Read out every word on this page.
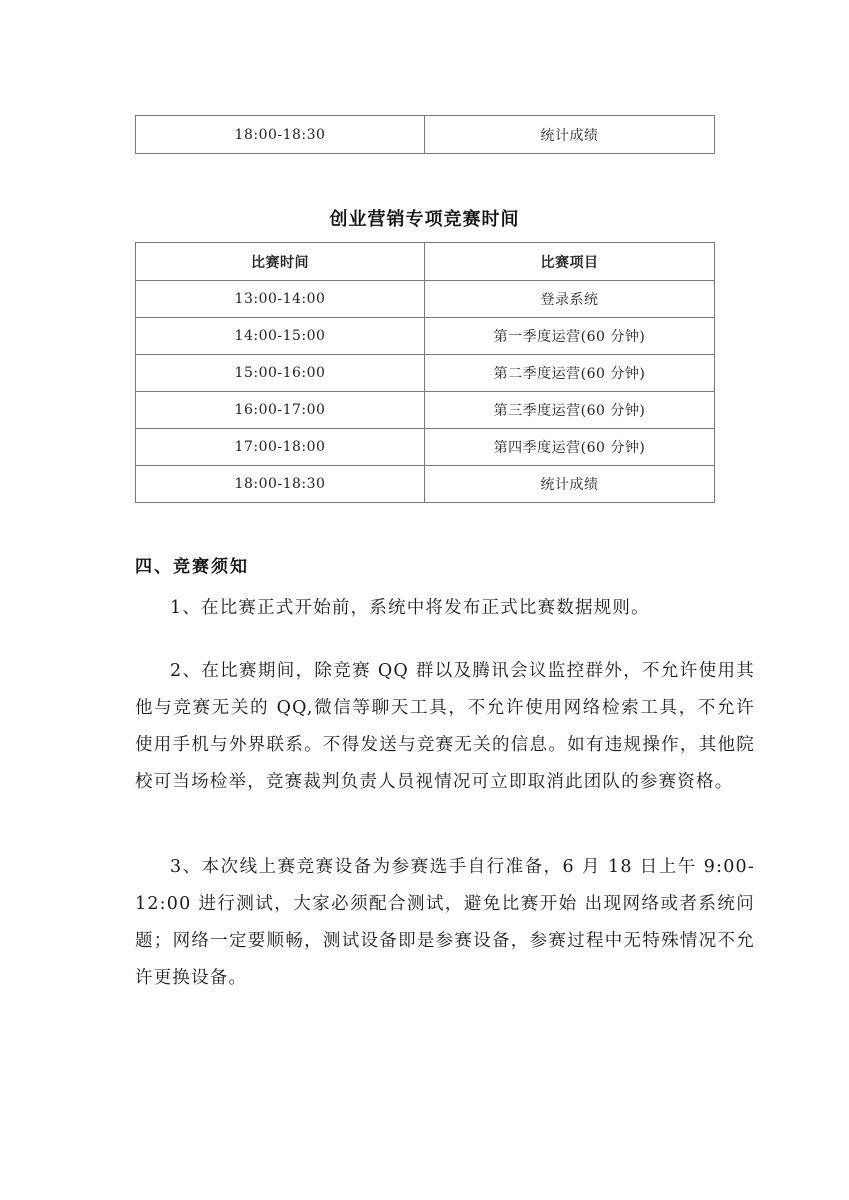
18:00-18:30	统计成绩
创业营销专项竞赛时间
比赛时间	比赛项目
13:00-14:00	登录系统
14:00-15:00	第一季度运营(60 分钟)
15:00-16:00	第二季度运营(60 分钟)
16:00-17:00	第三季度运营(60 分钟)
17:00-18:00	第四季度运营(60 分钟)
18:00-18:30	统计成绩
四、竞赛须知

1、在比赛正式开始前，系统中将发布正式比赛数据规则。

2、在比赛期间，除竞赛 QQ 群以及腾讯会议监控群外，不允许使用其他与竞赛无关的 QQ,微信等聊天工具，不允许使用网络检索工具，不允许使用手机与外界联系。不得发送与竞赛无关的信息。如有违规操作，其他院校可当场检举，竞赛裁判负责人员视情况可立即取消此团队的参赛资格。

3、本次线上赛竞赛设备为参赛选手自行准备，6 月 18 日上午 9:00-12:00 进行测试，大家必须配合测试，避免比赛开始 出现网络或者系统问题；网络一定要顺畅，测试设备即是参赛设备，参赛过程中无特殊情况不允许更换设备。
